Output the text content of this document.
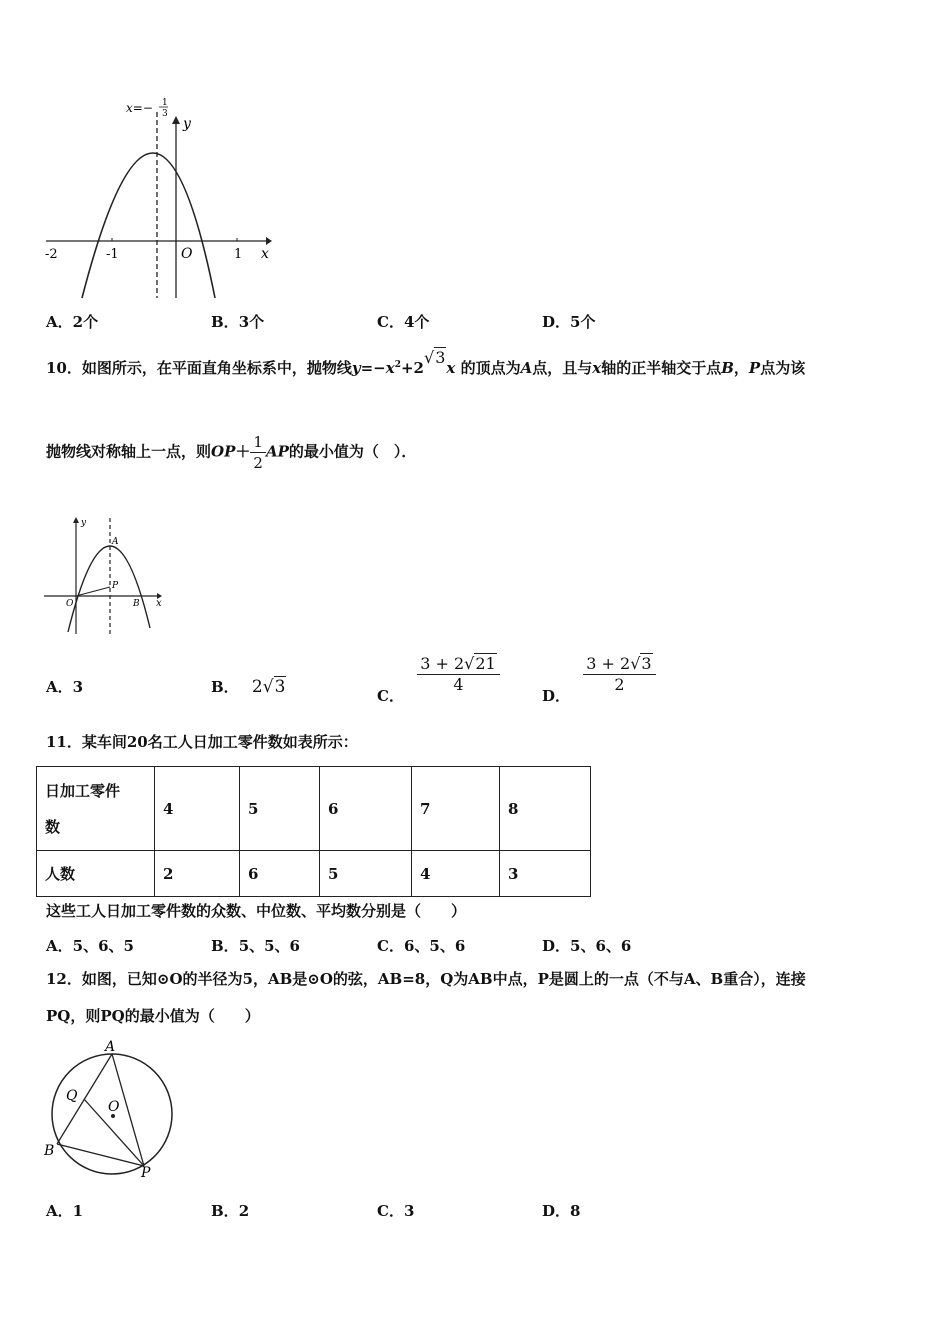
x=− 1
3
y
x
O
-2	-1	1
A．2个	B．3个	C．4个	D．5个
10．如图所示，在平面直角坐标系中，抛物线$y=-x^2+2√3x$ 的顶点为A点，且与x轴的正半轴交于点B，P点为该
抛物线对称轴上一点，则$OP+ \frac{1}{2}$ AP的最小值为（　）．
y
A
P
O	B x
A．3	B． 2√3	C．
$\frac{3 + 2√21}{4}$
D．
$\frac{3 + 2√3}{2}$
11．某车间20名工人日加工零件数如表所示：
日加工零件
数	4	5	6	7	8
人数	2	6	5	4	3
这些工人日加工零件数的众数、中位数、平均数分别是（　　）
A．5、6、5	B．5、5、6	C．6、5、6	D．5、6、6
12．如图，已知⊙O的半径为5，AB是⊙O的弦，AB=8，Q为AB中点，P是圆上的一点（不与A、B重合），连接
PQ，则PQ的最小值为（　　）
A
Q
O
B
P
A．1	B．2	C．3	D．8
